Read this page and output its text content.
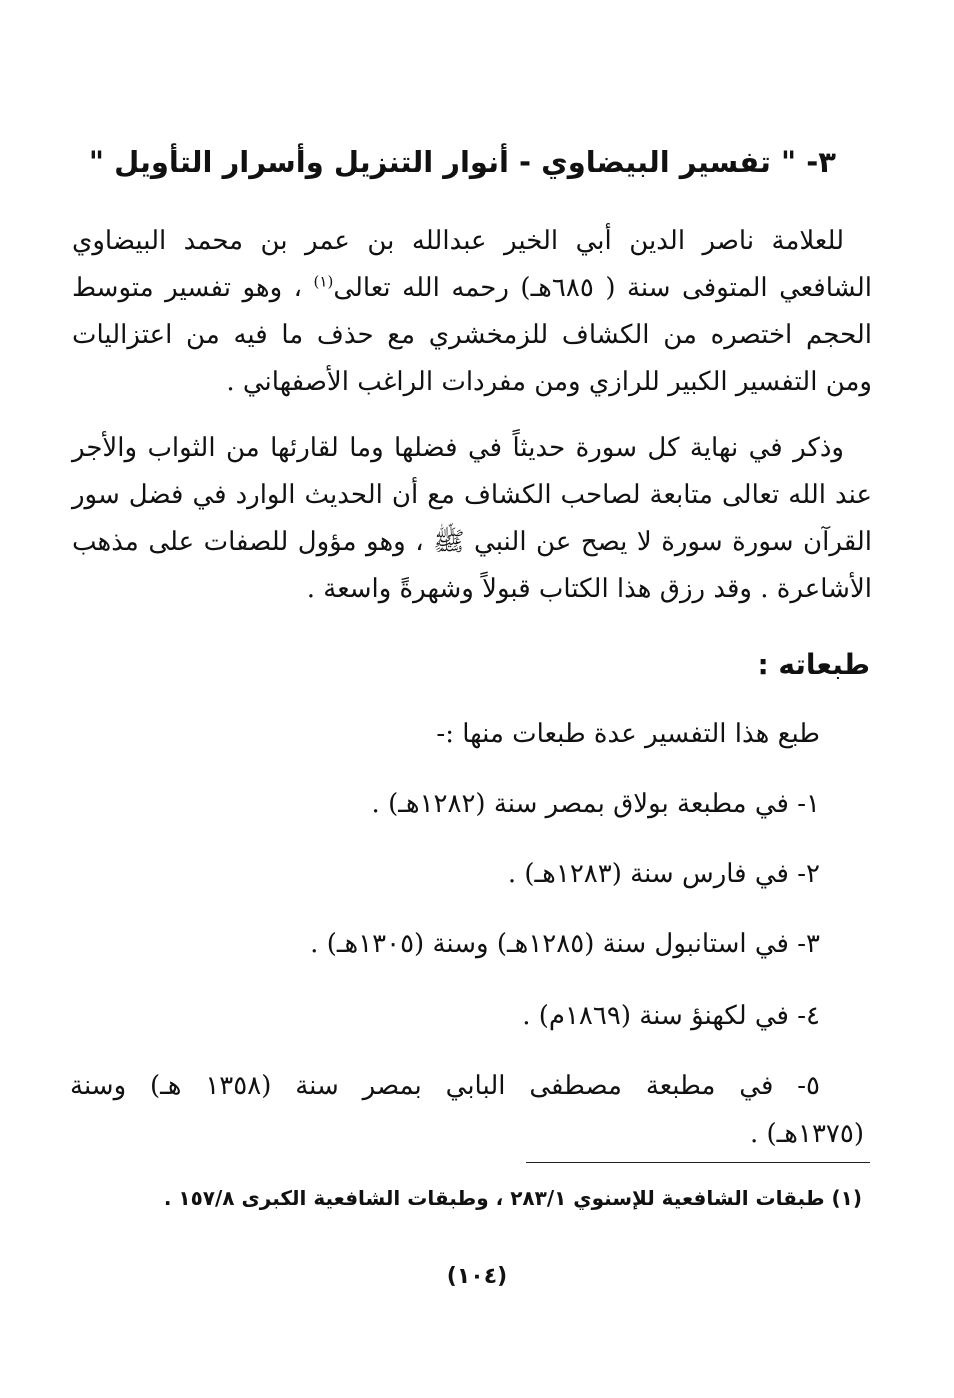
٣- " تفسير البيضاوي - أنوار التنزيل وأسرار التأويل "
للعلامة ناصر الدين أبي الخير عبدالله بن عمر بن محمد البيضاوي الشافعي المتوفى سنة ( ٦٨٥هـ) رحمه الله تعالى$^{(١)}$ ، وهو تفسير متوسط الحجم اختصره من الكشاف للزمخشري مع حذف ما فيه من اعتزاليات ومن التفسير الكبير للرازي ومن مفردات الراغب الأصفهاني .
وذكر في نهاية كل سورة حديثاً في فضلها وما لقارئها من الثواب والأجر عند الله تعالى متابعة لصاحب الكشاف مع أن الحديث الوارد في فضل سور القرآن سورة سورة لا يصح عن النبي ﷺ ، وهو مؤول للصفات على مذهب الأشاعرة . وقد رزق هذا الكتاب قبولاً وشهرةً واسعة .
طبعاته :
طبع هذا التفسير عدة طبعات منها :-
١- في مطبعة بولاق بمصر سنة (١٢٨٢هـ) .
٢- في فارس سنة (١٢٨٣هـ) .
٣- في استانبول سنة (١٢٨٥هـ) وسنة (١٣٠٥هـ) .
٤- في لكهنؤ سنة (١٨٦٩م) .
٥- في مطبعة مصطفى البابي بمصر سنة (١٣٥٨ هـ) وسنة
(١٣٧٥هـ) .
(١) طبقات الشافعية للإسنوي ٢٨٣/١ ، وطبقات الشافعية الكبرى ١٥٧/٨ .
(١٠٤)
